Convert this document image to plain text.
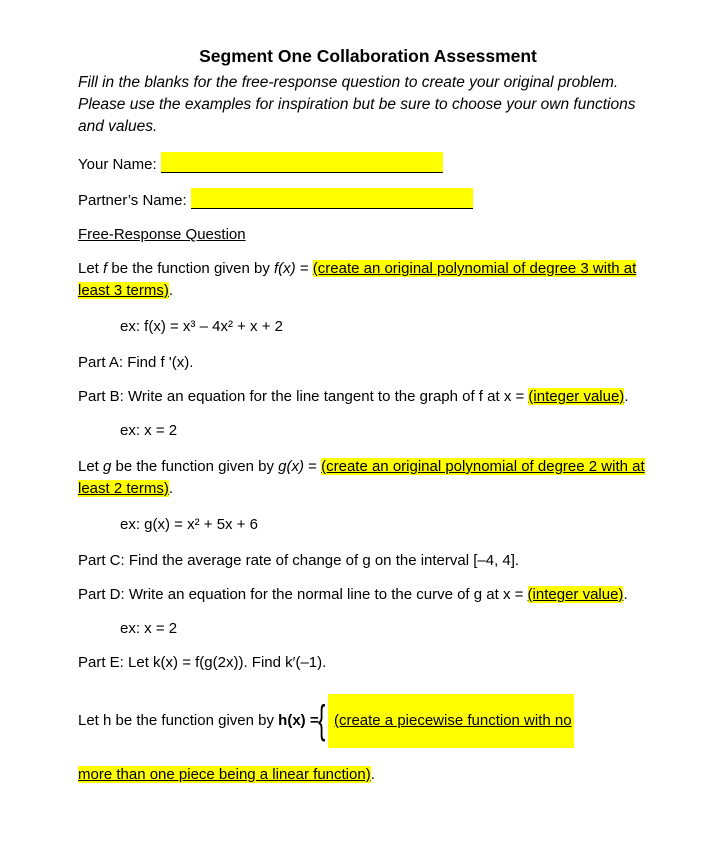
Segment One Collaboration Assessment

Fill in the blanks for the free-response question to create your original problem. Please use the examples for inspiration but be sure to choose your own functions and values.

Your Name:

Partner’s Name:

Free-Response Question

Let f be the function given by f(x) = (create an original polynomial of degree 3 with at least 3 terms).

ex: f(x) = x³ – 4x² + x + 2

Part A: Find f '(x).

Part B: Write an equation for the line tangent to the graph of f at x = (integer value).

ex: x = 2

Let g be the function given by g(x) = (create an original polynomial of degree 2 with at least 2 terms).

ex: g(x) = x² + 5x + 6

Part C: Find the average rate of change of g on the interval [–4, 4].

Part D: Write an equation for the normal line to the curve of g at x = (integer value).

ex: x = 2

Part E: Let k(x) = f(g(2x)). Find k′(–1).

Let h be the function given by h(x) ={ (create a piecewise function with no

more than one piece being a linear function).
